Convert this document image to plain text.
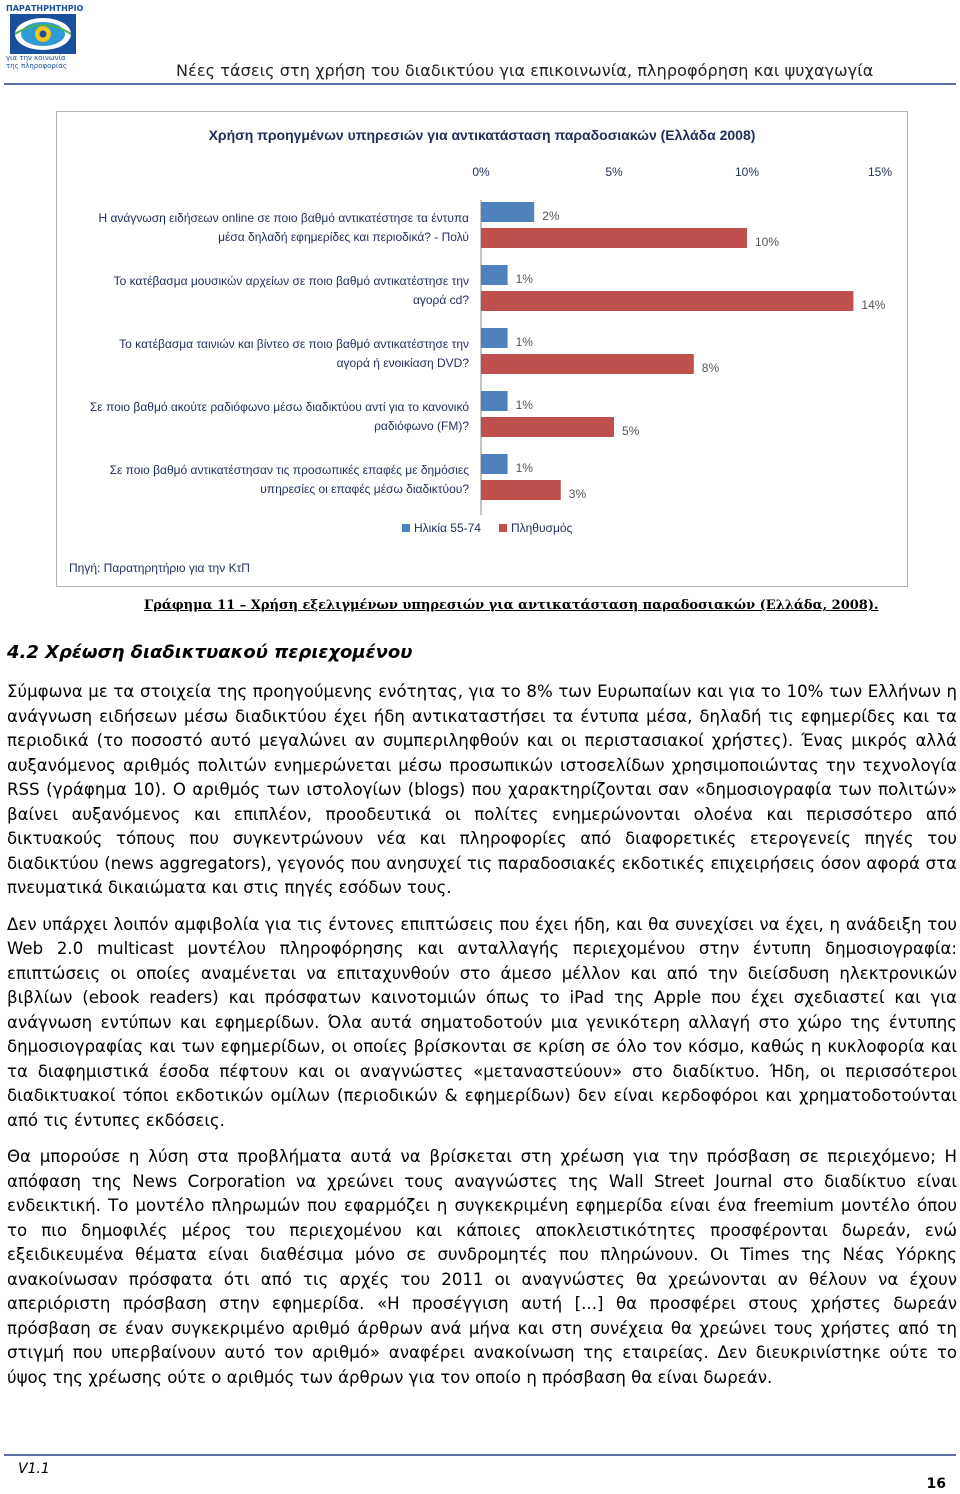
ΠΑΡΑΤΗΡΗΤΗΡΙΟ
για την κοινωνία
της πληροφορίας	Νέες τάσεις στη χρήση του διαδικτύου για επικοινωνία, πληροφόρηση και ψυχαγωγία
Χρήση προηγμένων υπηρεσιών για αντικατάσταση παραδοσιακών (Ελλάδα 2008)
0%	5%	10%	15%
Η ανάγνωση ειδήσεων online σε ποιο βαθμό αντικατέστησε τα έντυπα
μέσα δηλαδή εφημερίδες και περιοδικά? - Πολύ
2%
10%
Το κατέβασμα μουσικών αρχείων σε ποιο βαθμό αντικατέστησε την
αγορά cd?
1%
14%
Το κατέβασμα ταινιών και βίντεο σε ποιο βαθμό αντικατέστησε την
αγορά ή ενοικίαση DVD?
1%
8%
Σε ποιο βαθμό ακούτε ραδιόφωνο μέσω διαδικτύου αντί για το κανονικό
ραδιόφωνο (FM)?
1%
5%
Σε ποιο βαθμό αντικατέστησαν τις προσωπικές επαφές με δημόσιες
υπηρεσίες οι επαφές μέσω διαδικτύου?
1%
3%
Ηλικία 55-74	Πληθυσμός
Πηγή: Παρατηρητήριο για την ΚτΠ
Γράφημα 11 – Χρήση εξελιγμένων υπηρεσιών για αντικατάσταση παραδοσιακών (Ελλάδα, 2008).
4.2 Χρέωση διαδικτυακού περιεχομένου

Σύμφωνα με τα στοιχεία της προηγούμενης ενότητας, για το 8% των Ευρωπαίων και για το 10% των Ελλήνων η ανάγνωση ειδήσεων μέσω διαδικτύου έχει ήδη αντικαταστήσει τα έντυπα μέσα, δηλαδή τις εφημερίδες και τα περιοδικά (το ποσοστό αυτό μεγαλώνει αν συμπεριληφθούν και οι περιστασιακοί χρήστες). Ένας μικρός αλλά αυξανόμενος αριθμός πολιτών ενημερώνεται μέσω προσωπικών ιστοσελίδων χρησιμοποιώντας την τεχνολογία RSS (γράφημα 10). Ο αριθμός των ιστολογίων (blogs) που χαρακτηρίζονται σαν «δημοσιογραφία των πολιτών» βαίνει αυξανόμενος και επιπλέον, προοδευτικά οι πολίτες ενημερώνονται ολοένα και περισσότερο από δικτυακούς τόπους που συγκεντρώνουν νέα και πληροφορίες από διαφορετικές ετερογενείς πηγές του διαδικτύου (news aggregators), γεγονός που ανησυχεί τις παραδοσιακές εκδοτικές επιχειρήσεις όσον αφορά στα πνευματικά δικαιώματα και στις πηγές εσόδων τους.

Δεν υπάρχει λοιπόν αμφιβολία για τις έντονες επιπτώσεις που έχει ήδη, και θα συνεχίσει να έχει, η ανάδειξη του Web 2.0 multicast μοντέλου πληροφόρησης και ανταλλαγής περιεχομένου στην έντυπη δημοσιογραφία: επιπτώσεις οι οποίες αναμένεται να επιταχυνθούν στο άμεσο μέλλον και από την διείσδυση ηλεκτρονικών βιβλίων (ebook readers) και πρόσφατων καινοτομιών όπως το iPad της Apple που έχει σχεδιαστεί και για ανάγνωση εντύπων και εφημερίδων. Όλα αυτά σηματοδοτούν μια γενικότερη αλλαγή στο χώρο της έντυπης δημοσιογραφίας και των εφημερίδων, οι οποίες βρίσκονται σε κρίση σε όλο τον κόσμο, καθώς η κυκλοφορία και τα διαφημιστικά έσοδα πέφτουν και οι αναγνώστες «μεταναστεύουν» στο διαδίκτυο. Ήδη, οι περισσότεροι διαδικτυακοί τόποι εκδοτικών ομίλων (περιοδικών & εφημερίδων) δεν είναι κερδοφόροι και χρηματοδοτούνται από τις έντυπες εκδόσεις.

Θα μπορούσε η λύση στα προβλήματα αυτά να βρίσκεται στη χρέωση για την πρόσβαση σε περιεχόμενο; Η απόφαση της News Corporation να χρεώνει τους αναγνώστες της Wall Street Journal στο διαδίκτυο είναι ενδεικτική. Το μοντέλο πληρωμών που εφαρμόζει η συγκεκριμένη εφημερίδα είναι ένα freemium μοντέλο όπου το πιο δημοφιλές μέρος του περιεχομένου και κάποιες αποκλειστικότητες προσφέρονται δωρεάν, ενώ εξειδικευμένα θέματα είναι διαθέσιμα μόνο σε συνδρομητές που πληρώνουν. Οι Times της Νέας Υόρκης ανακοίνωσαν πρόσφατα ότι από τις αρχές του 2011 οι αναγνώστες θα χρεώνονται αν θέλουν να έχουν απεριόριστη πρόσβαση στην εφημερίδα. «Η προσέγγιση αυτή [...] θα προσφέρει στους χρήστες δωρεάν πρόσβαση σε έναν συγκεκριμένο αριθμό άρθρων ανά μήνα και στη συνέχεια θα χρεώνει τους χρήστες από τη στιγμή που υπερβαίνουν αυτό τον αριθμό» αναφέρει ανακοίνωση της εταιρείας. Δεν διευκρινίστηκε ούτε το ύψος της χρέωσης ούτε ο αριθμός των άρθρων για τον οποίο η πρόσβαση θα είναι δωρεάν.

V1.1
16
